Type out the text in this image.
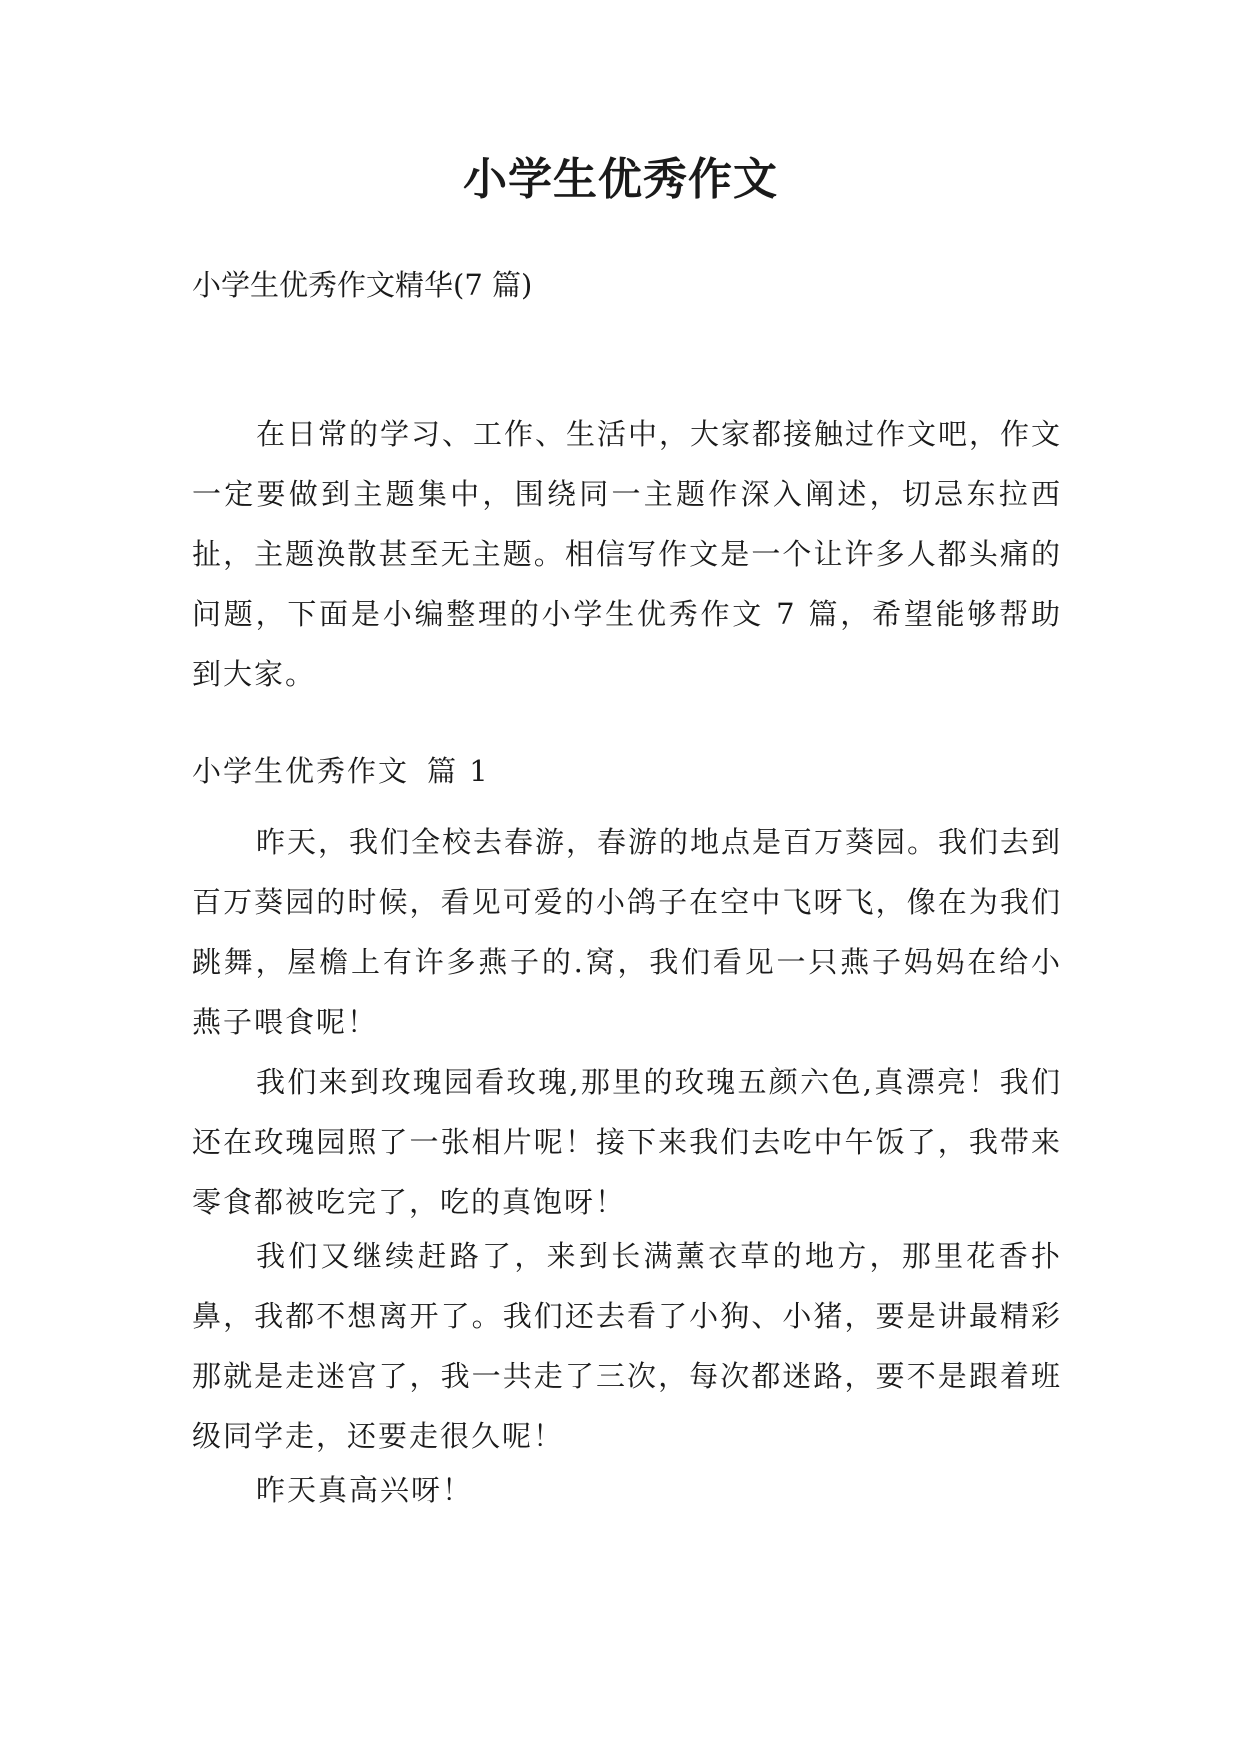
小学生优秀作文

小学生优秀作文精华(7 篇)

在日常的学习、工作、生活中，大家都接触过作文吧，作文一定要做到主题集中，围绕同一主题作深入阐述，切忌东拉西扯，主题涣散甚至无主题。相信写作文是一个让许多人都头痛的问题，下面是小编整理的小学生优秀作文 7 篇，希望能够帮助到大家。

小学生优秀作文 篇 1

昨天，我们全校去春游，春游的地点是百万葵园。我们去到百万葵园的时候，看见可爱的小鸽子在空中飞呀飞，像在为我们跳舞，屋檐上有许多燕子的.窝，我们看见一只燕子妈妈在给小燕子喂食呢！

我们来到玫瑰园看玫瑰,那里的玫瑰五颜六色,真漂亮！我们还在玫瑰园照了一张相片呢！接下来我们去吃中午饭了，我带来零食都被吃完了，吃的真饱呀！

我们又继续赶路了，来到长满薰衣草的地方，那里花香扑鼻，我都不想离开了。我们还去看了小狗、小猪，要是讲最精彩那就是走迷宫了，我一共走了三次，每次都迷路，要不是跟着班级同学走，还要走很久呢！

昨天真高兴呀！
